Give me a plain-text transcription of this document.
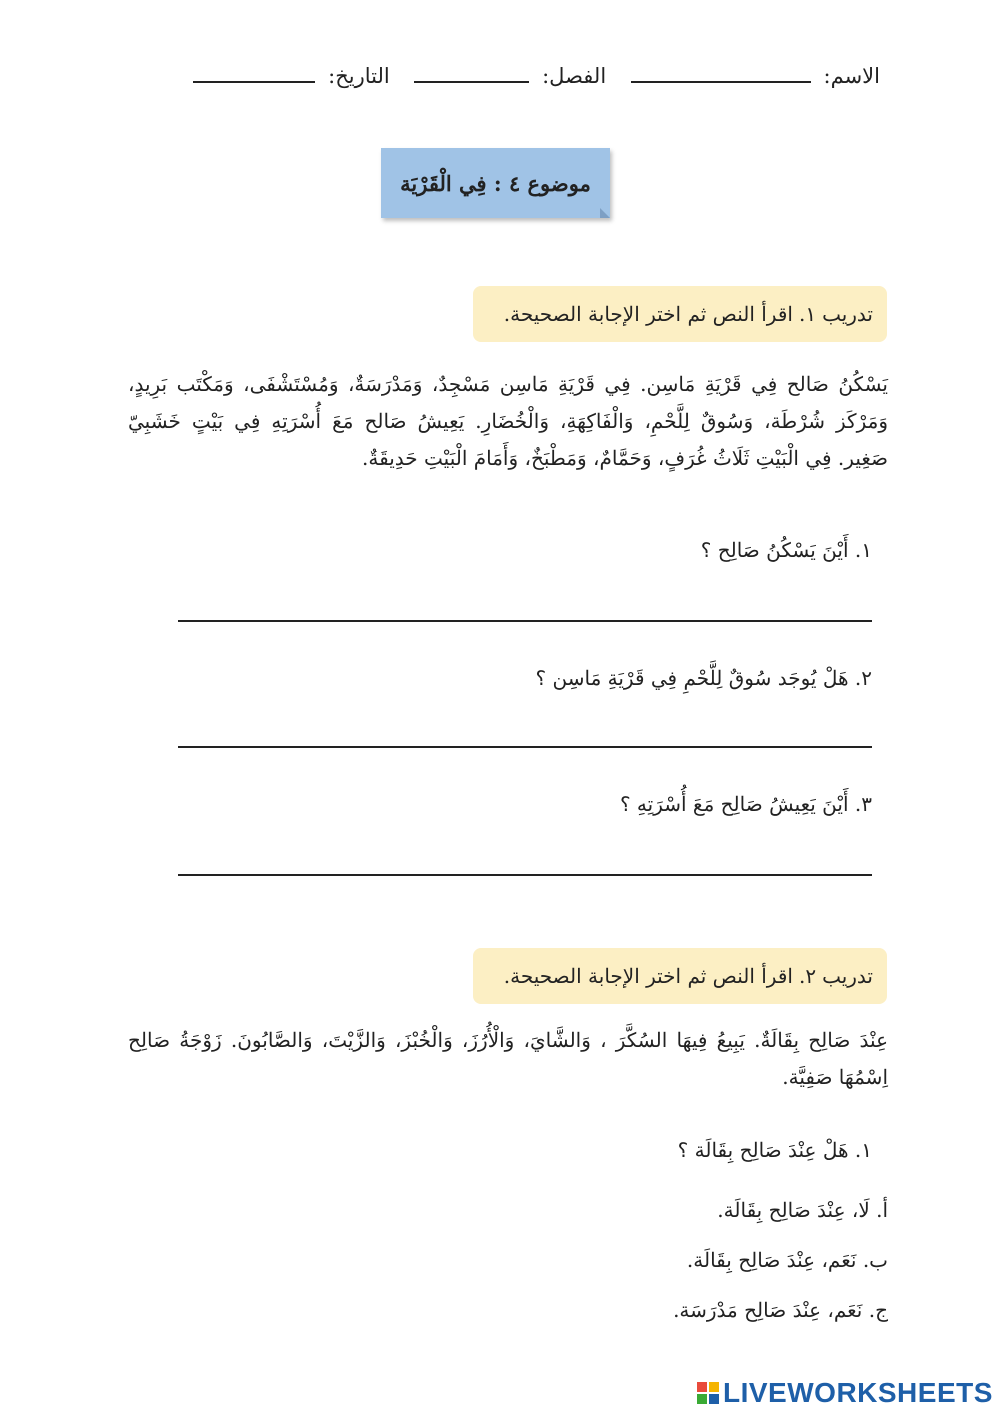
الاسم:  الفصل:  التاريخ:
موضوع ٤ : فِي الْقَرْيَة
تدريب
١.
اقرأ النص ثم اختر الإجابة الصحيحة.
يَسْكُنُ صَالح فِي قَرْيَةِ مَاسِن. فِي قَرْيَةِ مَاسِن مَسْجِدٌ، وَمَدْرَسَةٌ، وَمُسْتَشْفَى، وَمَكْتَب بَرِيدٍ، وَمَرْكَز شُرْطَة، وَسُوقٌ لِلَّحْمِ، وَالْفَاكِهَةِ، وَالْخُضَارِ. يَعِيشُ صَالح مَعَ أُسْرَتِهِ فِي بَيْتٍ خَشَبِيّ صَغِير. فِي الْبَيْتِ ثَلَاثُ غُرَفٍ، وَحَمَّامٌ، وَمَطْبَخٌ، وَأَمَامَ الْبَيْتِ حَدِيقَةٌ.
١. أَيْنَ يَسْكُنُ صَالِح ؟
٢. هَلْ يُوجَد سُوقٌ لِلَّحْمِ فِي قَرْيَةِ مَاسِن ؟
٣. أَيْنَ يَعِيشُ صَالِح مَعَ أُسْرَتِهِ ؟
تدريب
٢.
اقرأ النص ثم اختر الإجابة الصحيحة.
عِنْدَ صَالِح بِقَالَةٌ. يَبِيعُ فِيهَا السُكَّرَ ، وَالشَّايَ، وَالْأُرُزَ، وَالْخُبْزَ، وَالزَّيْتَ، وَالصَّابُونَ. زَوْجَةُ صَالِح اِسْمُهَا صَفِيَّة.
١. هَلْ عِنْدَ صَالِح بِقَالَة ؟
أ. لَا، عِنْدَ صَالِح بِقَالَة.
ب. نَعَم، عِنْدَ صَالِح بِقَالَة.
ج. نَعَم، عِنْدَ صَالِح مَدْرَسَة.
LIVEWORKSHEETS
